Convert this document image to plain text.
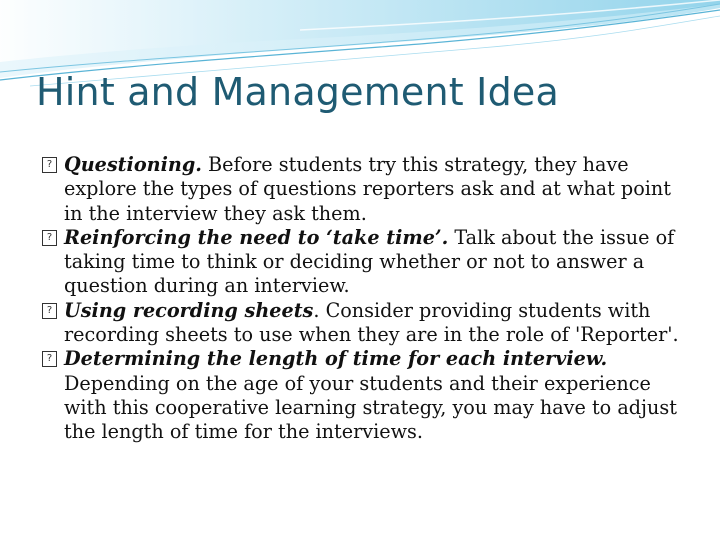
Hint and Management Idea

? Questioning. Before students try this strategy, they have explore the types of questions reporters ask and at what point in the interview they ask them.

? Reinforcing the need to ‘take time’. Talk about the issue of taking time to think or deciding whether or not to answer a question during an interview.

? Using recording sheets. Consider providing students with recording sheets to use when they are in the role of 'Reporter'.

? Determining the length of time for each interview. Depending on the age of your students and their experience with this cooperative learning strategy, you may have to adjust the length of time for the interviews.
